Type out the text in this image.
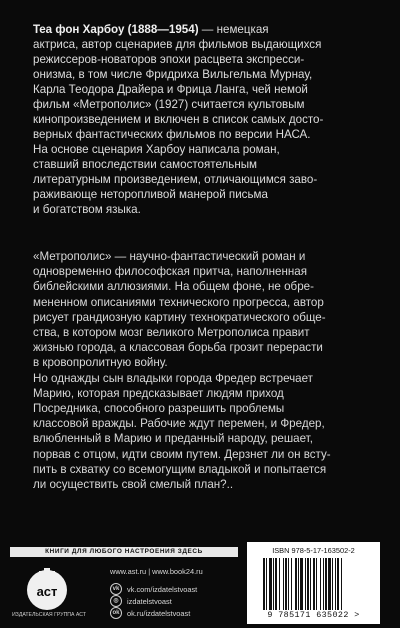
Tea фон Харбоу (1888—1954) — немецкая
актриса, автор сценариев для фильмов выдающихся
режиссеров-новаторов эпохи расцвета экспресси-
онизма, в том числе Фридриха Вильгельма Мурнау,
Карла Теодора Драйера и Фрица Ланга, чей немой
фильм «Метрополис» (1927) считается культовым
кинопроизведением и включен в список самых досто-
верных фантастических фильмов по версии НАСА.
На основе сценария Харбоу написала роман,
ставший впоследствии самостоятельным
литературным произведением, отличающимся заво-
раживающе неторопливой манерой письма
и богатством языка.
«Метрополис» — научно-фантастический роман и
одновременно философская притча, наполненная
библейскими аллюзиями. На общем фоне, не обре-
мененном описаниями технического прогресса, автор
рисует грандиозную картину технократического обще-
ства, в котором мозг великого Метрополиса правит
жизнью города, а классовая борьба грозит перерасти
в кровопролитную войну.
Но однажды сын владыки города Фредер встречает
Марию, которая предсказывает людям приход
Посредника, способного разрешить проблемы
классовой вражды. Рабочие ждут перемен, и Фредер,
влюбленный в Марию и преданный народу, решает,
порвав с отцом, идти своим путем. Дерзнет ли он всту-
пить в схватку со всемогущим владыкой и попытается
ли осуществить свой смелый план?..
КНИГИ ДЛЯ ЛЮБОГО НАСТРОЕНИЯ ЗДЕСЬ
аст
ИЗДАТЕЛЬСКАЯ ГРУППА АСТ
www.ast.ru | www.book24.ru
vk	vk.com/izdatelstvoast
◎	izdatelstvoast
ok	ok.ru/izdatelstvoast
ISBN 978-5-17-163502-2
9 785171 635022 >
